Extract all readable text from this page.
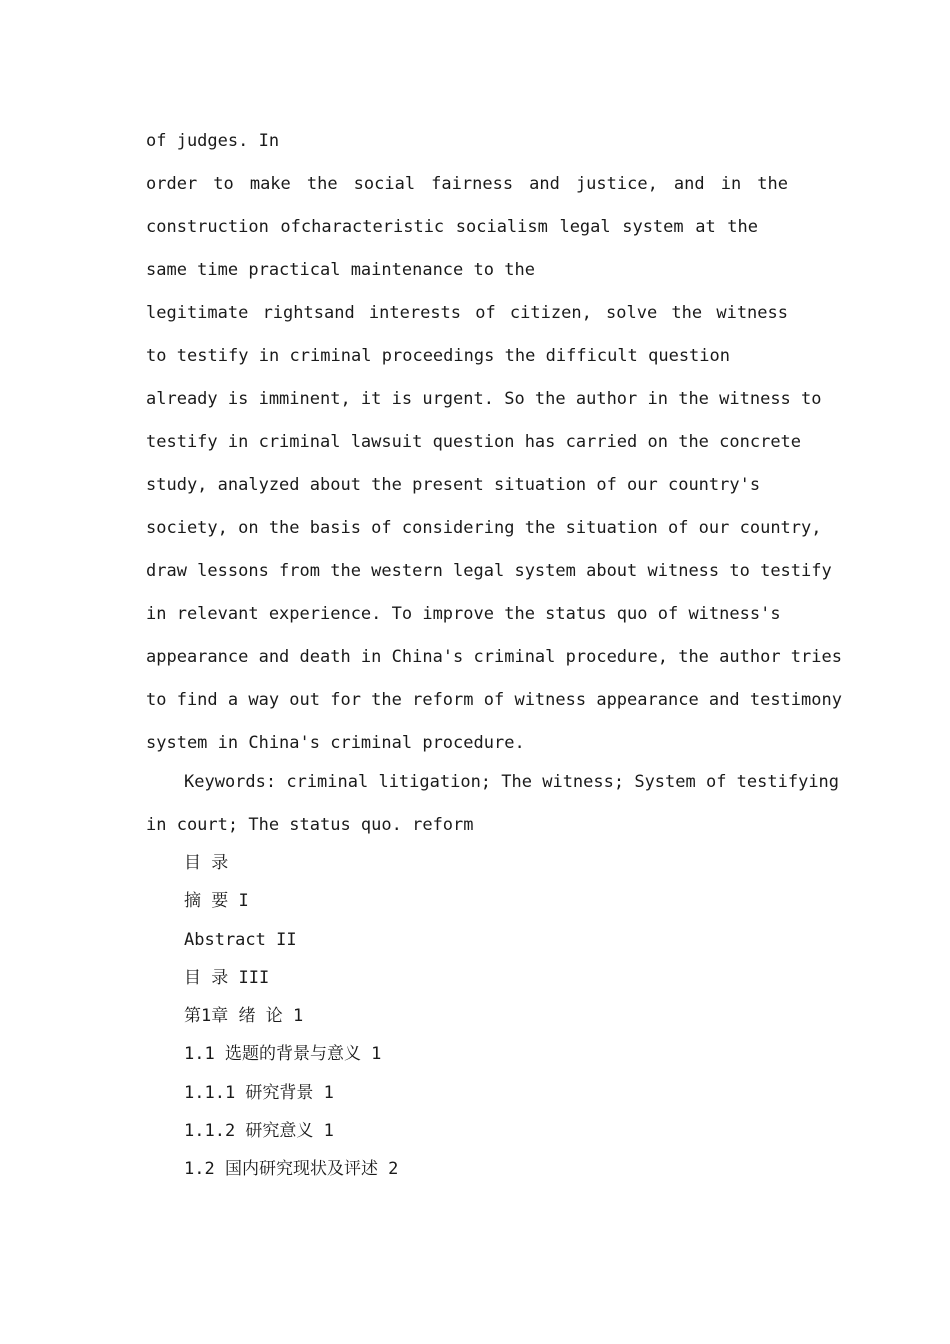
of judges. In
order to make the social fairness and justice, and in the
construction ofcharacteristic socialism legal system at the
same time practical maintenance to the
legitimate rightsand interests of citizen, solve the witness
to testify in criminal proceedings the difficult question
already is imminent, it is urgent. So the author in the witness to
testify in criminal lawsuit question has carried on the concrete
study, analyzed about the present situation of our country's
society, on the basis of considering the situation of our country,
draw lessons from the western legal system about witness to testify
in relevant experience. To improve the status quo of witness's
appearance and death in China's criminal procedure, the author tries
to find a way out for the reform of witness appearance and testimony
system in China's criminal procedure.
Keywords: criminal litigation; The witness; System of testifying
in court; The status quo. reform
目 录
摘 要 I
Abstract II
目 录 III
第1章 绪 论 1
1.1 选题的背景与意义 1
1.1.1 研究背景 1
1.1.2 研究意义 1
1.2 国内研究现状及评述 2
